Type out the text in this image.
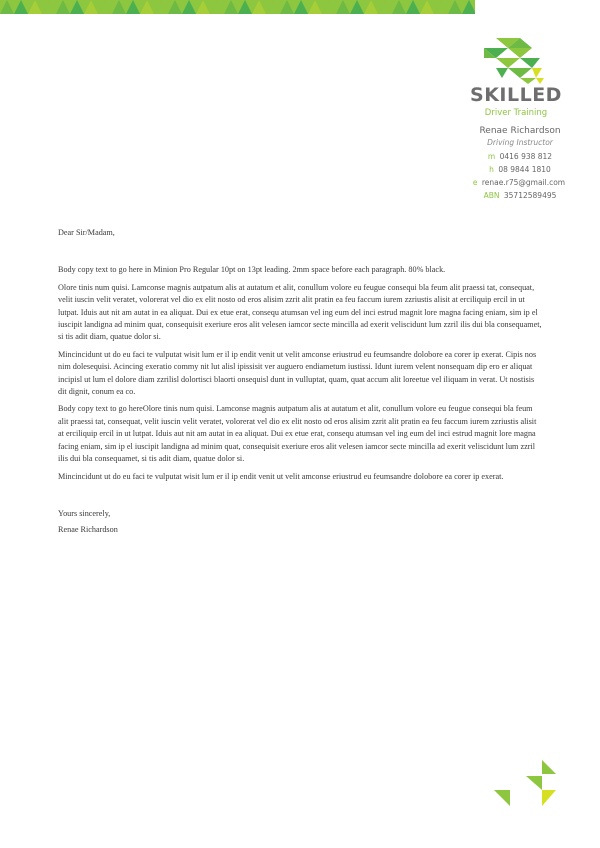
SKILLED
Driver Training
Renae Richardson
Driving Instructor
m 0416 938 812
h 08 9844 1810
e renae.r75@gmail.com
ABN 35712589495

Dear Sir/Madam,

Body copy text to go here in Minion Pro Regular 10pt on 13pt leading. 2mm space before each paragraph. 80% black.

Olore tinis num quisi. Lamconse magnis autpatum alis at autatum et alit, conullum volore eu feugue consequi bla feum alit praessi tat, consequat, velit iuscin velit veratet, volorerat vel dio ex elit nosto od eros alisim zzrit alit pratin ea feu faccum iurem zzriustis alisit at erciliquip ercil in ut lutpat. Iduis aut nit am autat in ea aliquat. Dui ex etue erat, consequ atumsan vel ing eum del inci estrud magnit lore magna facing eniam, sim ip el iuscipit landigna ad minim quat, consequisit exeriure eros alit velesen iamcor secte mincilla ad exerit veliscidunt lum zzril ilis dui bla consequamet, si tis adit diam, quatue dolor si.

Mincincidunt ut do eu faci te vulputat wisit lum er il ip endit venit ut velit amconse eriustrud eu feumsandre dolobore ea corer ip exerat. Cipis nos nim dolesequisi. Acincing exeratio commy nit lut alisl ipissisit ver auguero endiametum iustissi. Idunt iurem velent nonsequam dip ero er aliquat incipisl ut lum el dolore diam zzrilisl dolortisci blaorti onsequisl dunt in vulluptat, quam, quat accum alit loreetue vel iliquam in verat. Ut nostisis dit dignit, conum ea co.

Body copy text to go hereOlore tinis num quisi. Lamconse magnis autpatum alis at autatum et alit, conullum volore eu feugue consequi bla feum alit praessi tat, consequat, velit iuscin velit veratet, volorerat vel dio ex elit nosto od eros alisim zzrit alit pratin ea feu faccum iurem zzriustis alisit at erciliquip ercil in ut lutpat. Iduis aut nit am autat in ea aliquat. Dui ex etue erat, consequ atumsan vel ing eum del inci estrud magnit lore magna facing eniam, sim ip el iuscipit landigna ad minim quat, consequisit exeriure eros alit velesen iamcor secte mincilla ad exerit veliscidunt lum zzril ilis dui bla consequamet, si tis adit diam, quatue dolor si.

Mincincidunt ut do eu faci te vulputat wisit lum er il ip endit venit ut velit amconse eriustrud eu feumsandre dolobore ea corer ip exerat.

Yours sincerely,

Renae Richardson
